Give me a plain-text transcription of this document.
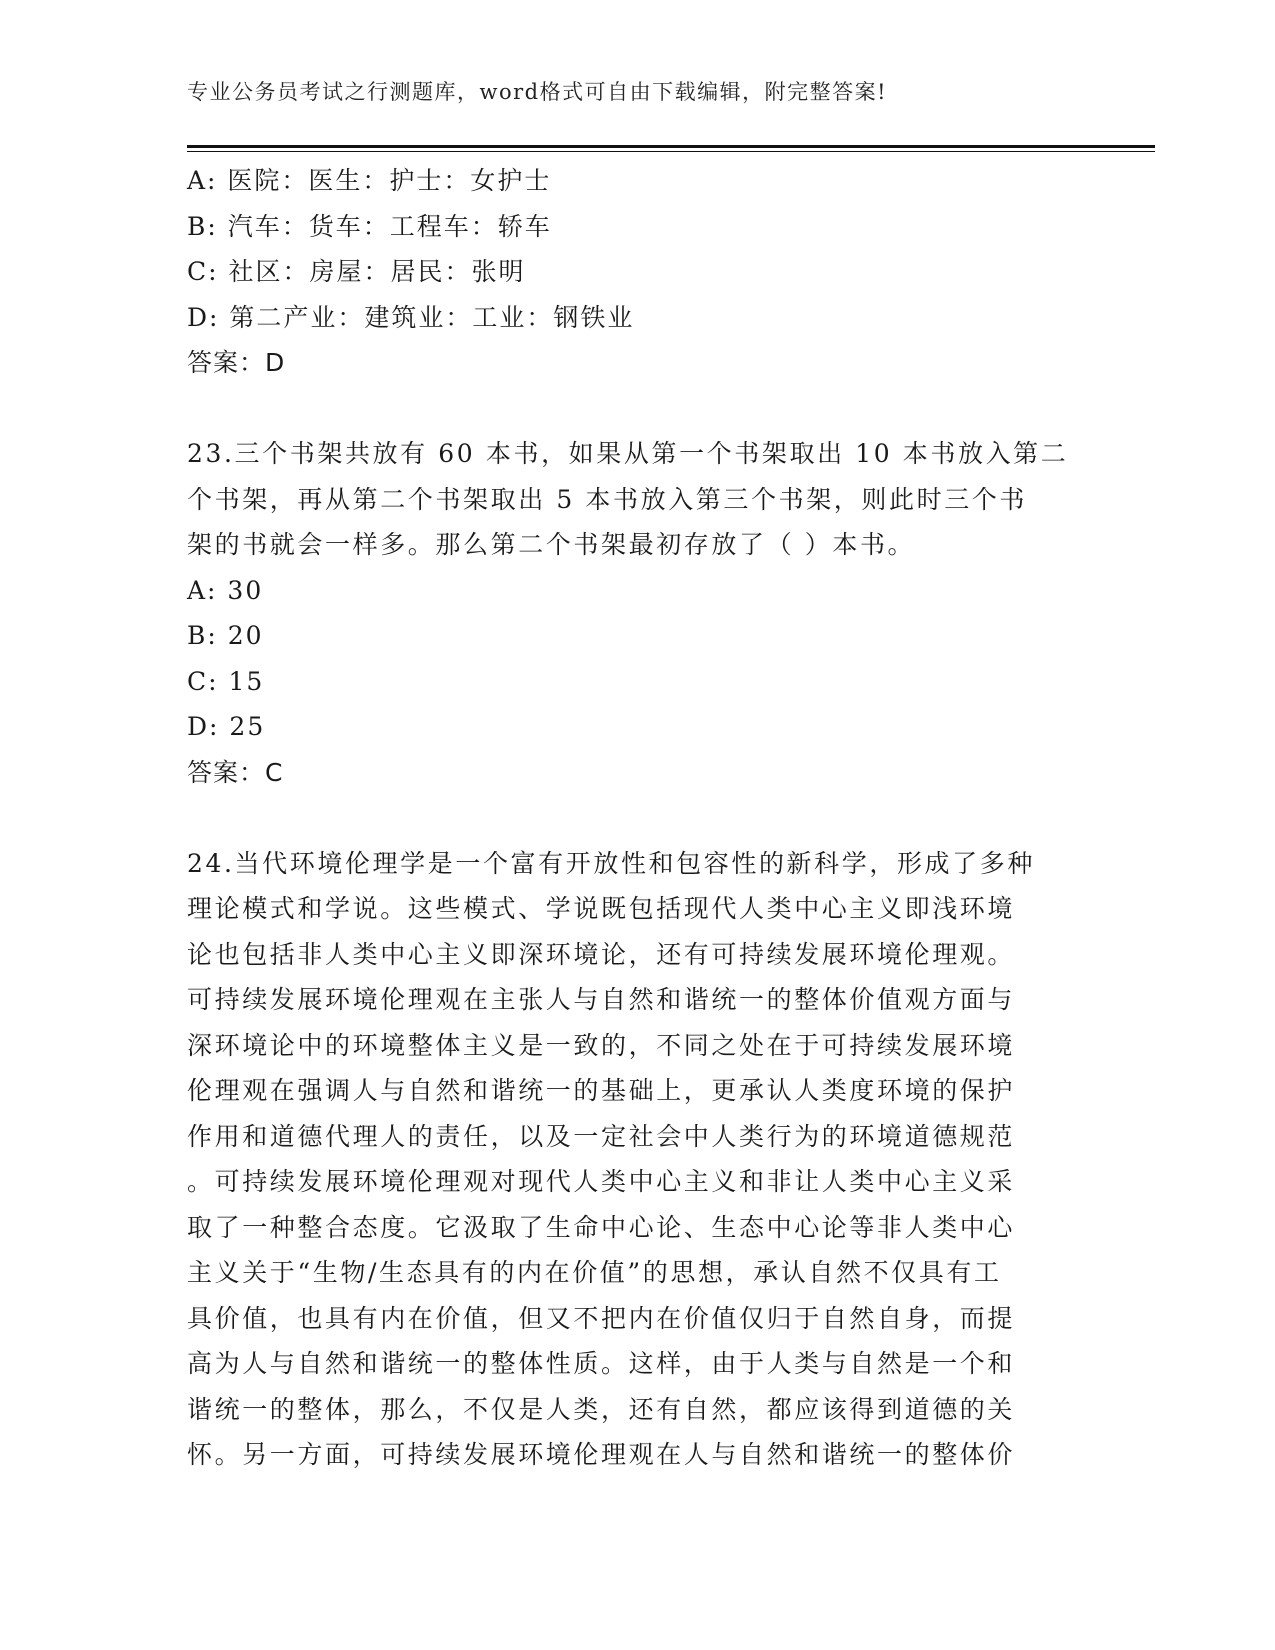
专业公务员考试之行测题库，word格式可自由下载编辑，附完整答案!
A: 医院：医生：护士：女护士
B: 汽车：货车：工程车：轿车
C: 社区：房屋：居民：张明
D: 第二产业：建筑业：工业：钢铁业
答案：D
23.三个书架共放有 60 本书，如果从第一个书架取出 10 本书放入第二
个书架，再从第二个书架取出 5 本书放入第三个书架，则此时三个书
架的书就会一样多。那么第二个书架最初存放了（ ）本书。
A: 30
B: 20
C: 15
D: 25
答案：C
24.当代环境伦理学是一个富有开放性和包容性的新科学，形成了多种
理论模式和学说。这些模式、学说既包括现代人类中心主义即浅环境
论也包括非人类中心主义即深环境论，还有可持续发展环境伦理观。
可持续发展环境伦理观在主张人与自然和谐统一的整体价值观方面与
深环境论中的环境整体主义是一致的，不同之处在于可持续发展环境
伦理观在强调人与自然和谐统一的基础上，更承认人类度环境的保护
作用和道德代理人的责任，以及一定社会中人类行为的环境道德规范
。可持续发展环境伦理观对现代人类中心主义和非让人类中心主义采
取了一种整合态度。它汲取了生命中心论、生态中心论等非人类中心
主义关于“生物/生态具有的内在价值”的思想，承认自然不仅具有工
具价值，也具有内在价值，但又不把内在价值仅归于自然自身，而提
高为人与自然和谐统一的整体性质。这样，由于人类与自然是一个和
谐统一的整体，那么，不仅是人类，还有自然，都应该得到道德的关
怀。另一方面，可持续发展环境伦理观在人与自然和谐统一的整体价
